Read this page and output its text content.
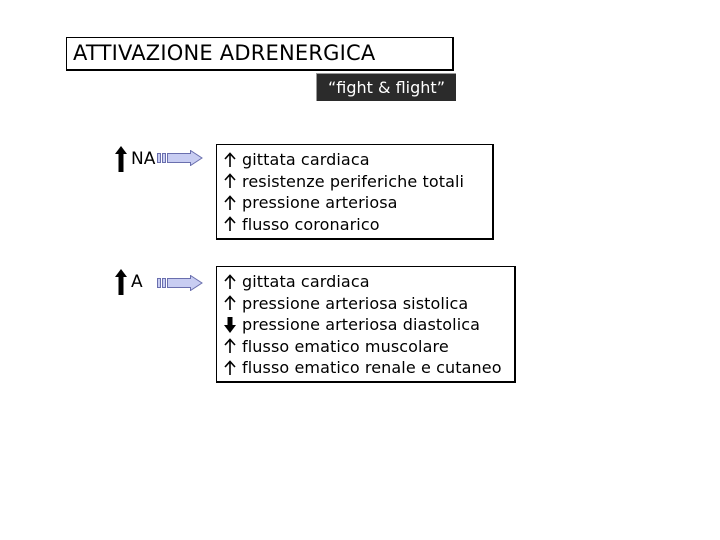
ATTIVAZIONE ADRENERGICA
“fight & flight”
NA	gittata cardiaca
resistenze periferiche totali
pressione arteriosa
flusso coronarico
A	gittata cardiaca
pressione arteriosa sistolica
pressione arteriosa diastolica
flusso ematico muscolare
flusso ematico renale e cutaneo
